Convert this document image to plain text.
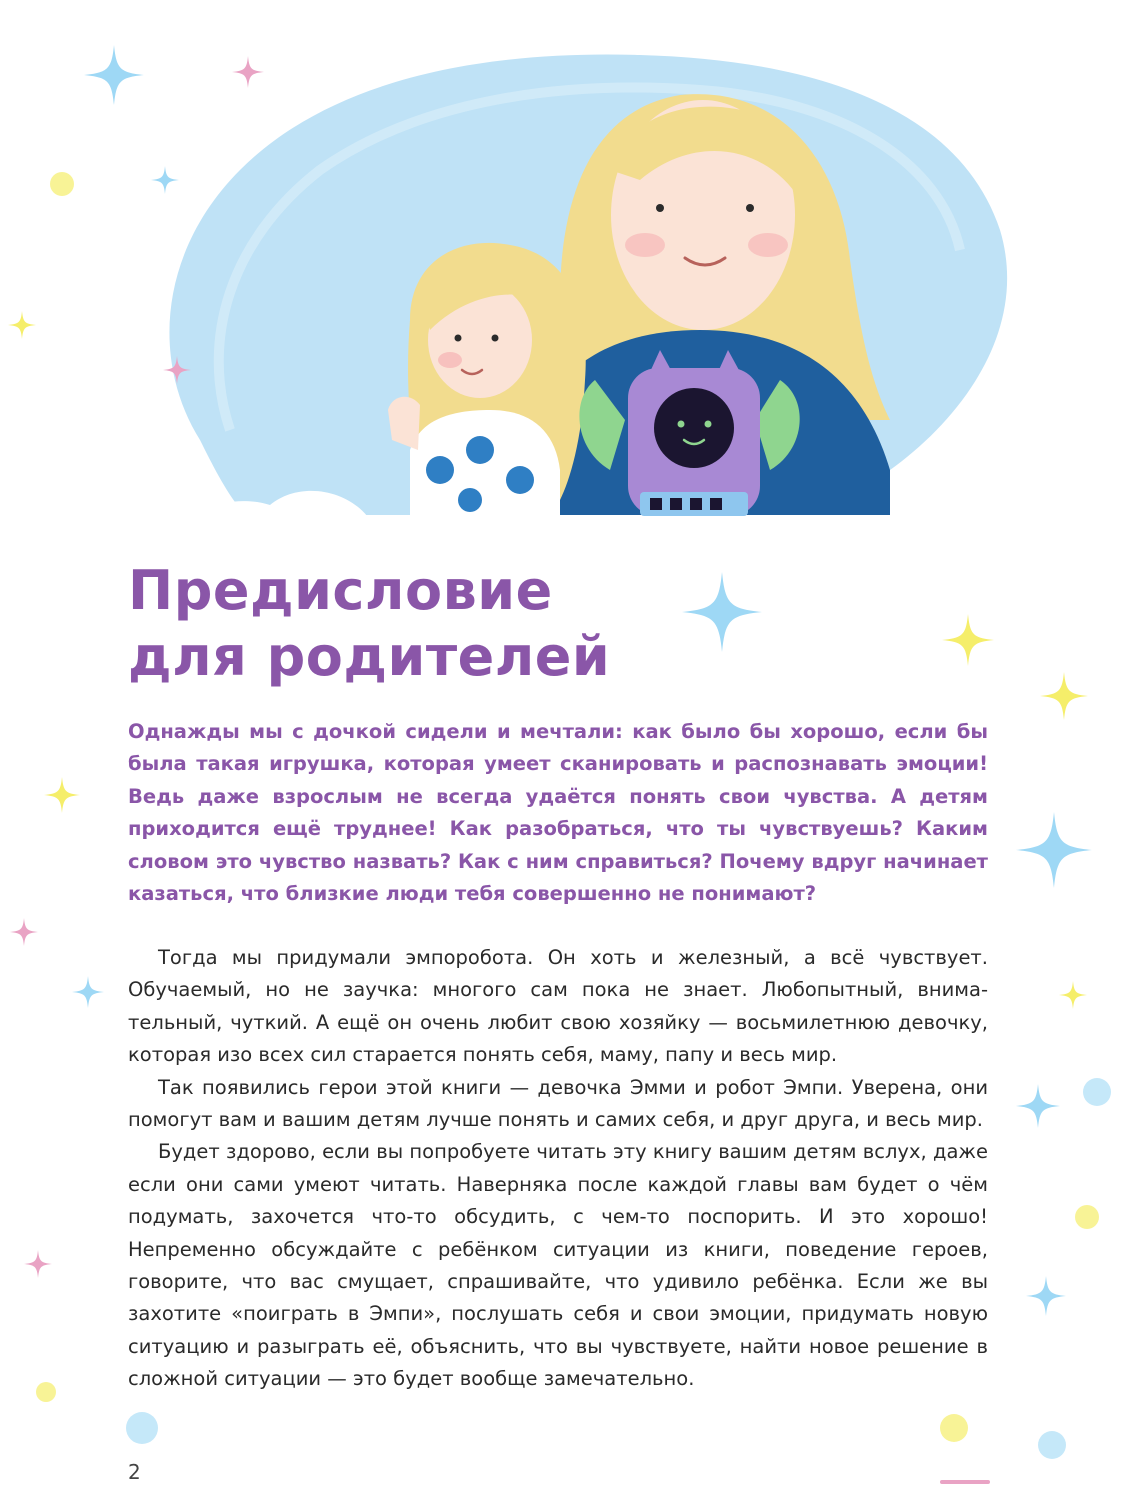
Предисловие
для родителей

Однажды мы с дочкой сидели и мечтали: как было бы хорошо, если бы была такая игрушка, которая умеет сканировать и распознавать эмоции! Ведь даже взрослым не всегда удаётся понять свои чувства. А детям приходится ещё труднее! Как разобраться, что ты чувствуешь? Каким словом это чувство назвать? Как с ним справиться? Почему вдруг начинает казаться, что близкие люди тебя совершенно не понимают?

Тогда мы придумали эмпоробота. Он хоть и железный, а всё чувствует. Обучаемый, но не заучка: многого сам пока не знает. Любопытный, внимательный, чуткий. А ещё он очень любит свою хозяйку — восьмилетнюю девочку, которая изо всех сил старается понять себя, маму, папу и весь мир.

Так появились герои этой книги — девочка Эмми и робот Эмпи. Уверена, они помогут вам и вашим детям лучше понять и самих себя, и друг друга, и весь мир.

Будет здорово, если вы попробуете читать эту книгу вашим детям вслух, даже если они сами умеют читать. Наверняка после каждой главы вам будет о чём подумать, захочется что-то обсудить, с чем-то поспорить. И это хорошо! Непременно обсуждайте с ребёнком ситуации из книги, поведение героев, говорите, что вас смущает, спрашивайте, что удивило ребёнка. Если же вы захотите «поиграть в Эмпи», послушать себя и свои эмоции, придумать новую ситуацию и разыграть её, объяснить, что вы чувствуете, найти новое решение в сложной ситуации — это будет вообще замечательно.

2
